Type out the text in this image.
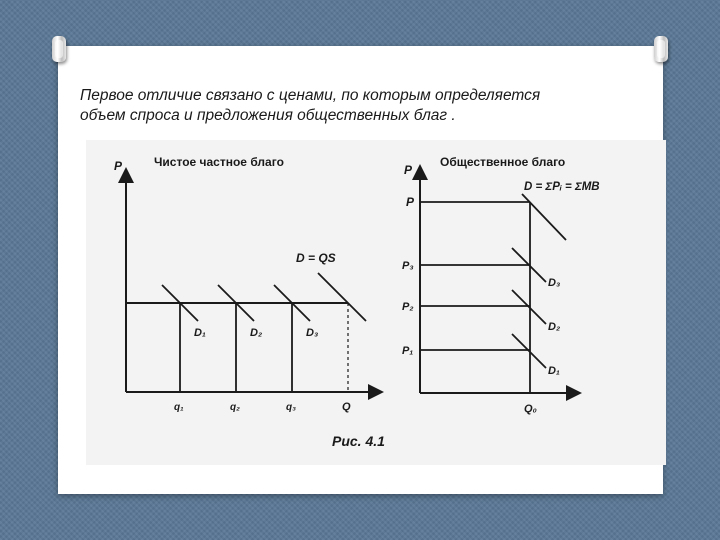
Первое отличие связано с ценами, по которым определяется
объем спроса и предложения общественных благ .

P	Чистое частное благо
D = QS
D₁	D₂	D₃
q₁	q₂	q₃	Q
P
Общественное благо
D = ΣPᵢ = ΣMB
P
P₃
P₂
P₁
D₃
D₂
D₁
Q₀
Рис. 4.1
